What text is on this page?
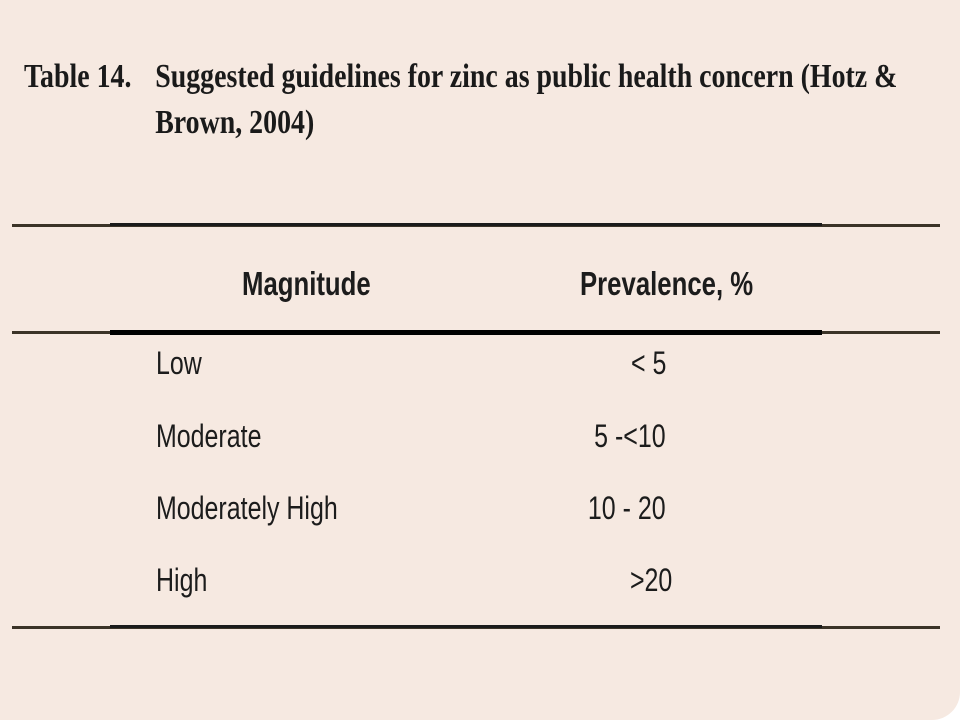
Table 14. Suggested guidelines for zinc as public health concern (Hotz & Brown, 2004)
Magnitude	Prevalence, %
Low	< 5
Moderate	5 -<10
Moderately High	10 - 20
High	>20
